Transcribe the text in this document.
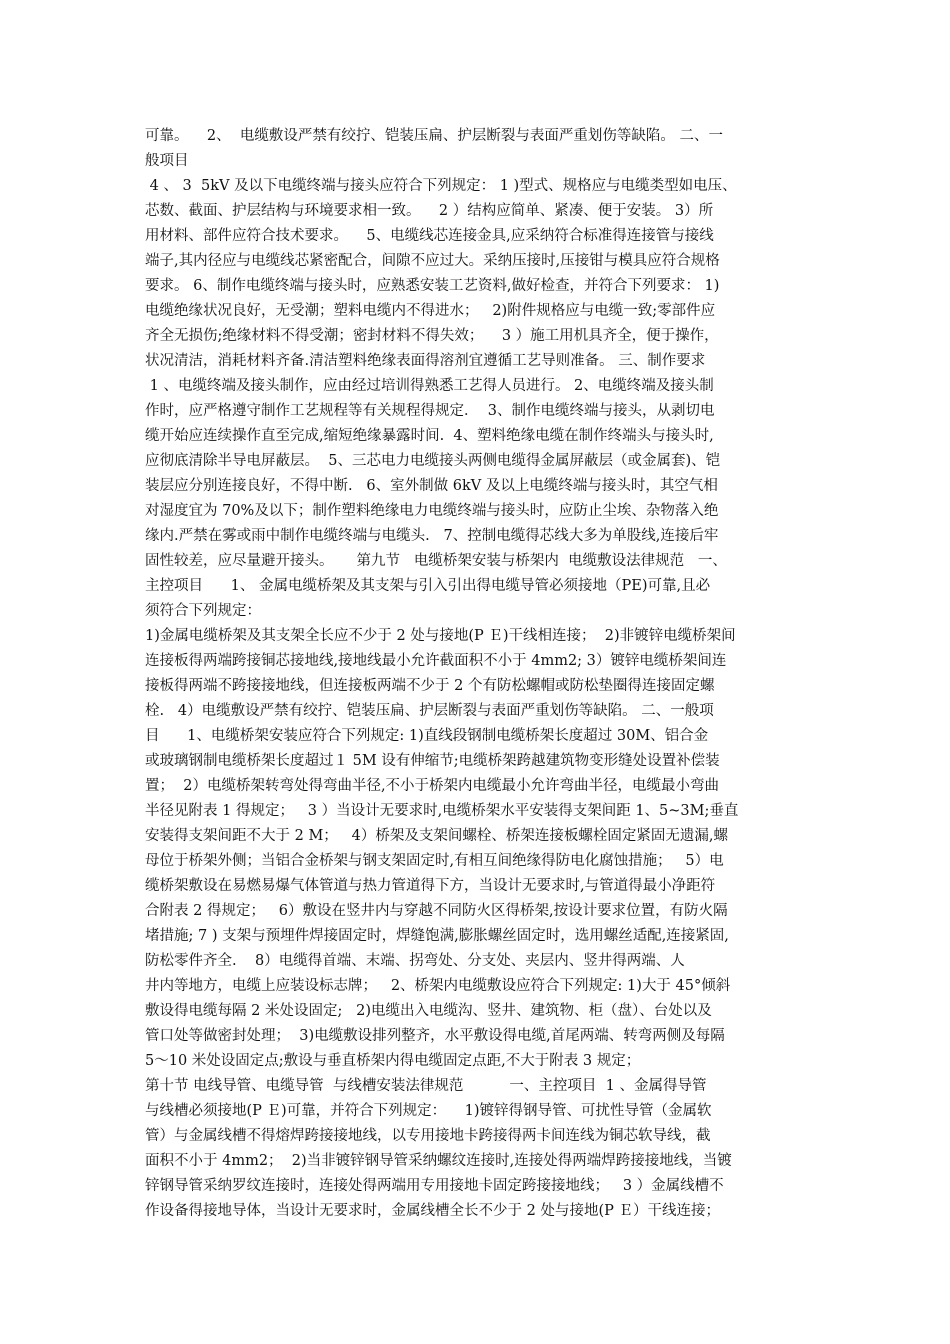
可靠。    2、  电缆敷设严禁有绞拧、铠装压扁、护层断裂与表面严重划伤等缺陷。 二、一
般项目
4 、 3  5kV 及以下电缆终端与接头应符合下列规定： 1 )型式、规格应与电缆类型如电压、
芯数、截面、护层结构与环境要求相一致。    2 ）结构应简单、紧凑、便于安装。 3）所
用材料、部件应符合技术要求。    5、电缆线芯连接金具,应采纳符合标准得连接管与接线
端子,其内径应与电缆线芯紧密配合，间隙不应过大。采纳压接时,压接钳与模具应符合规格
要求。 6、制作电缆终端与接头时，应熟悉安装工艺资料,做好检查，并符合下列要求： 1)
电缆绝缘状况良好，无受潮；塑料电缆内不得进水；   2)附件规格应与电缆一致;零部件应
齐全无损伤;绝缘材料不得受潮；密封材料不得失效；    3 ）施工用机具齐全，便于操作，
状况清洁，消耗材料齐备.清洁塑料绝缘表面得溶剂宜遵循工艺导则准备。 三、制作要求
1 、电缆终端及接头制作，应由经过培训得熟悉工艺得人员进行。 2、电缆终端及接头制
作时，应严格遵守制作工艺规程等有关规程得规定．  3、制作电缆终端与接头，从剥切电
缆开始应连续操作直至完成,缩短绝缘暴露时间.  4、塑料绝缘电缆在制作终端头与接头时,
应彻底清除半导电屏蔽层。  5、三芯电力电缆接头两侧电缆得金属屏蔽层（或金属套)、铠
装层应分别连接良好，不得中断.   6、室外制做 6kV 及以上电缆终端与接头时，其空气相
对湿度宜为 70%及以下；制作塑料绝缘电力电缆终端与接头时，应防止尘埃、杂物落入绝
缘内.严禁在雾或雨中制作电缆终端与电缆头.   7、控制电缆得芯线大多为单股线,连接后牢
固性较差，应尽量避开接头。     第九节   电缆桥架安装与桥架内  电缆敷设法律规范   一、
主控项目      1、 金属电缆桥架及其支架与引入引出得电缆导管必须接地（PE)可靠,且必
须符合下列规定：
1)金属电缆桥架及其支架全长应不少于 2 处与接地(P Ｅ)干线相连接；  2)非镀锌电缆桥架间
连接板得两端跨接铜芯接地线,接地线最小允许截面积不小于 4mm2; 3）镀锌电缆桥架间连
接板得两端不跨接接地线，但连接板两端不少于 2 个有防松螺帽或防松垫圈得连接固定螺
栓.   4）电缆敷设严禁有绞拧、铠装压扁、护层断裂与表面严重划伤等缺陷。 二、一般项
目      1、电缆桥架安装应符合下列规定: 1)直线段钢制电缆桥架长度超过 30M、铝合金
或玻璃钢制电缆桥架长度超过１ 5M 设有伸缩节;电缆桥架跨越建筑物变形缝处设置补偿装
置；  2）电缆桥架转弯处得弯曲半径,不小于桥架内电缆最小允许弯曲半径，电缆最小弯曲
半径见附表 1 得规定；   3 ）当设计无要求时,电缆桥架水平安装得支架间距 1、5~3M;垂直
安装得支架间距不大于 2 M；   4）桥架及支架间螺栓、桥架连接板螺栓固定紧固无遗漏,螺
母位于桥架外侧；当铝合金桥架与钢支架固定时,有相互间绝缘得防电化腐蚀措施；   5）电
缆桥架敷设在易燃易爆气体管道与热力管道得下方，当设计无要求时,与管道得最小净距符
合附表 2 得规定；   6）敷设在竖井内与穿越不同防火区得桥架,按设计要求位置，有防火隔
堵措施; 7 ) 支架与预埋件焊接固定时，焊缝饱满,膨胀螺丝固定时，选用螺丝适配,连接紧固,
防松零件齐全.    8）电缆得首端、末端、拐弯处、分支处、夹层内、竖井得两端、人
井内等地方，电缆上应装设标志牌；   2、桥架内电缆敷设应符合下列规定: 1)大于 45°倾斜
敷设得电缆每隔 2 米处设固定;   2)电缆出入电缆沟、竖井、建筑物、柜（盘）、台处以及
管口处等做密封处理；  3)电缆敷设排列整齐，水平敷设得电缆,首尾两端、转弯两侧及每隔
5～10 米处设固定点;敷设与垂直桥架内得电缆固定点距,不大于附表 3 规定；
第十节 电线导管、电缆导管  与线槽安装法律规范          一、主控项目  1 、金属得导管
与线槽必须接地(P Ｅ)可靠，并符合下列规定：    1)镀锌得钢导管、可扰性导管（金属软
管）与金属线槽不得熔焊跨接接地线，以专用接地卡跨接得两卡间连线为铜芯软导线，截
面积不小于 4mm2；  2)当非镀锌钢导管采纳螺纹连接时,连接处得两端焊跨接接地线，当镀
锌钢导管采纳罗纹连接时，连接处得两端用专用接地卡固定跨接接地线；   3 ）金属线槽不
作设备得接地导体，当设计无要求时，金属线槽全长不少于 2 处与接地(P Ｅ）干线连接；
